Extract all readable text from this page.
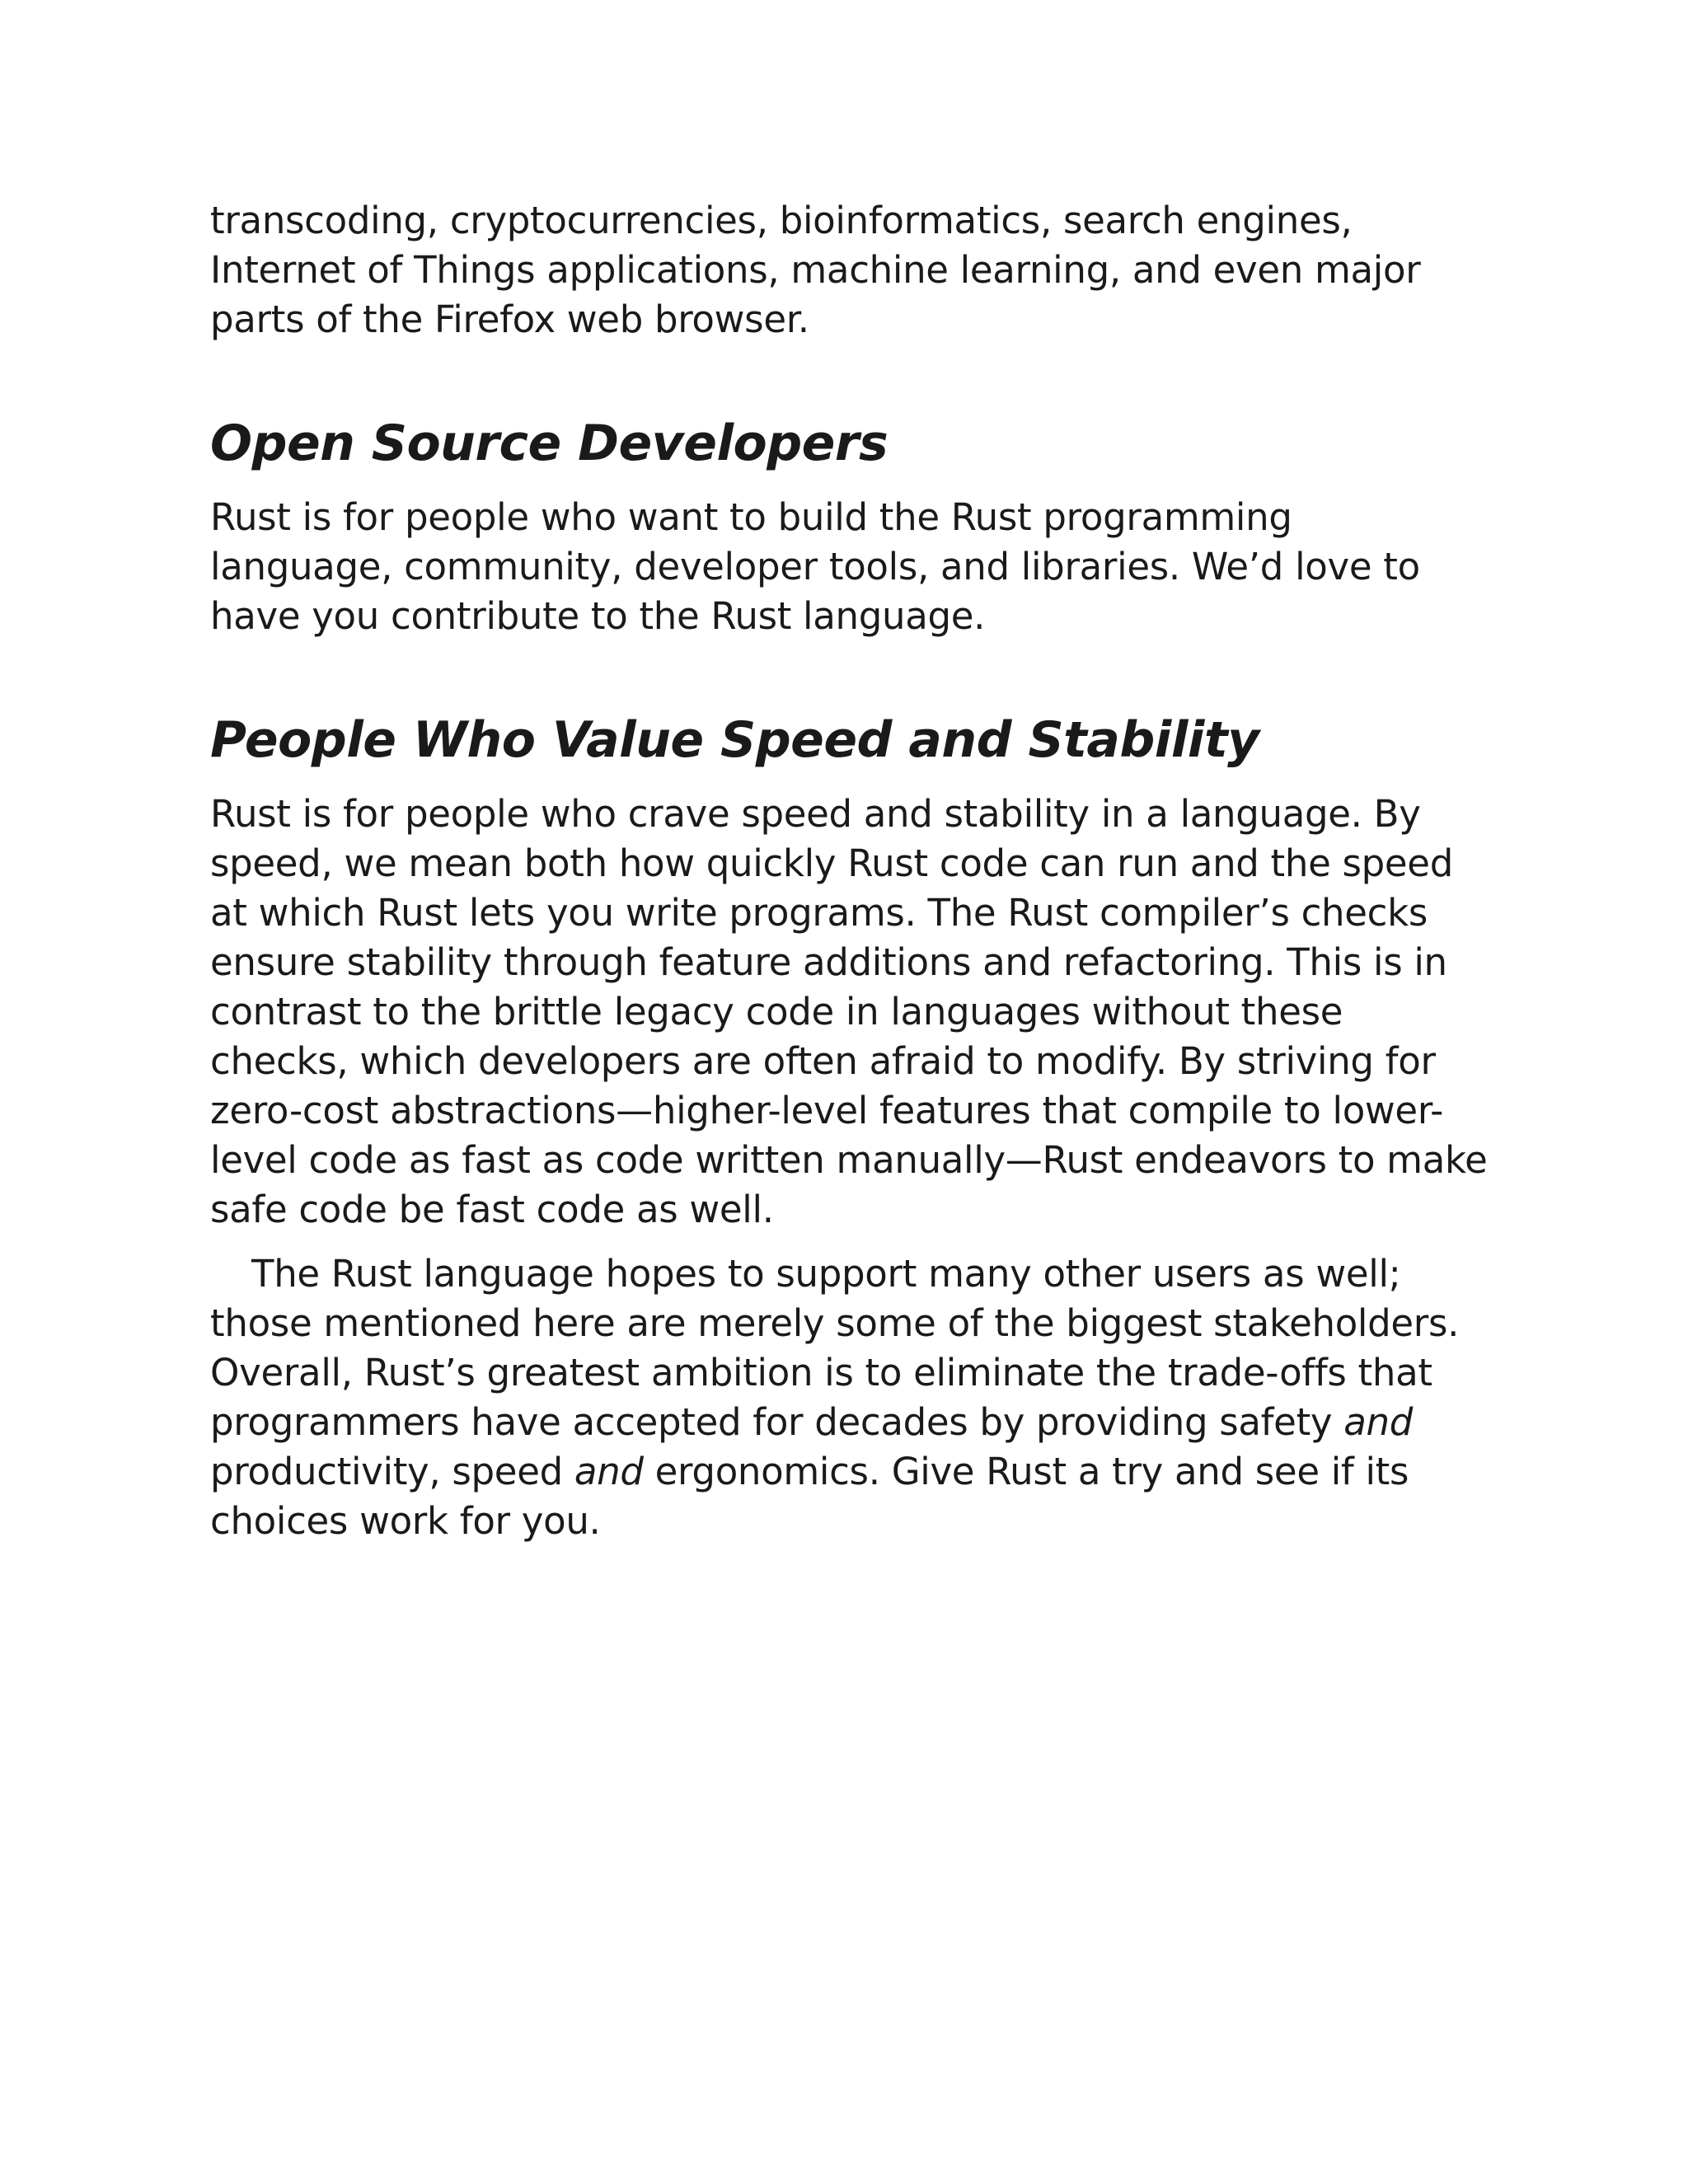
transcoding, cryptocurrencies, bioinformatics, search engines,
Internet of Things applications, machine learning, and even major
parts of the Firefox web browser.

Open Source Developers

Rust is for people who want to build the Rust programming
language, community, developer tools, and libraries. We’d love to
have you contribute to the Rust language.

People Who Value Speed and Stability

Rust is for people who crave speed and stability in a language. By
speed, we mean both how quickly Rust code can run and the speed
at which Rust lets you write programs. The Rust compiler’s checks
ensure stability through feature additions and refactoring. This is in
contrast to the brittle legacy code in languages without these
checks, which developers are often afraid to modify. By striving for
zero-cost abstractions—higher-level features that compile to lower-
level code as fast as code written manually—Rust endeavors to make
safe code be fast code as well.

The Rust language hopes to support many other users as well;
those mentioned here are merely some of the biggest stakeholders.
Overall, Rust’s greatest ambition is to eliminate the trade-offs that
programmers have accepted for decades by providing safety and
productivity, speed and ergonomics. Give Rust a try and see if its
choices work for you.
